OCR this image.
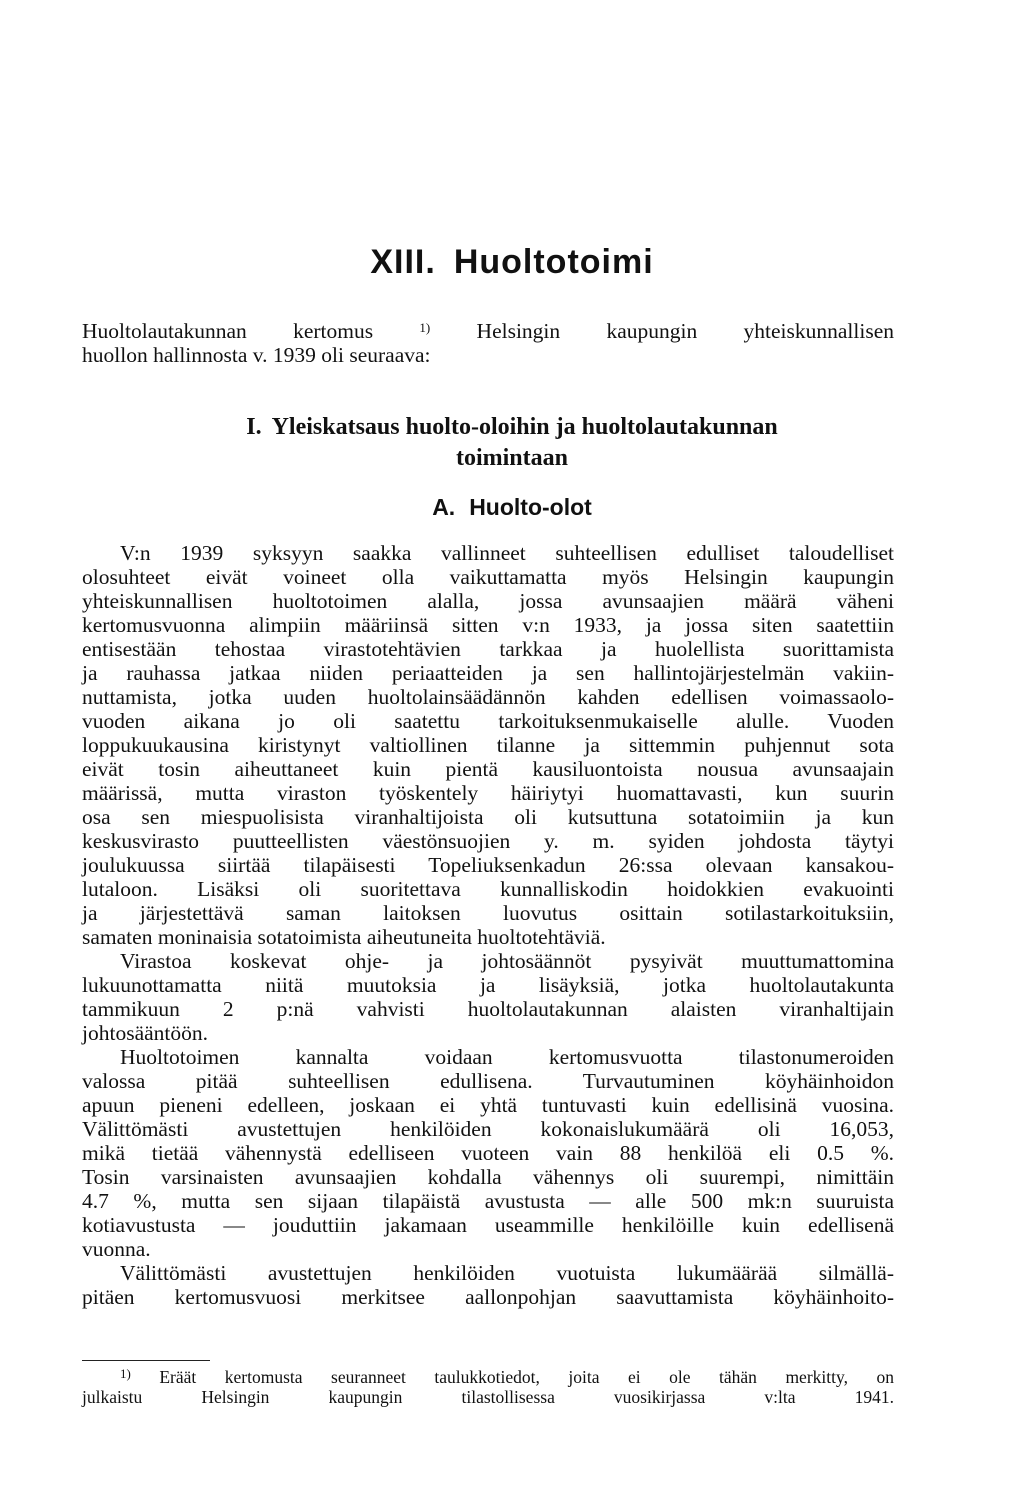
XIII. Huoltotoimi
Huoltolautakunnan kertomus $^{1)}$ Helsingin kaupungin yhteiskunnallisen
huollon hallinnosta v. 1939 oli seuraava:
I. Yleiskatsaus huolto-oloihin ja huoltolautakunnan
toimintaan
A. Huolto-olot
V:n 1939 syksyyn saakka vallinneet suhteellisen edulliset taloudelliset
olosuhteet eivät voineet olla vaikuttamatta myös Helsingin kaupungin
yhteiskunnallisen huoltotoimen alalla, jossa avunsaajien määrä väheni
kertomusvuonna alimpiin määriinsä sitten v:n 1933, ja jossa siten saatettiin
entisestään tehostaa virastotehtävien tarkkaa ja huolellista suorittamista
ja rauhassa jatkaa niiden periaatteiden ja sen hallintojärjestelmän vakiin-
nuttamista, jotka uuden huoltolainsäädännön kahden edellisen voimassaolo-
vuoden aikana jo oli saatettu tarkoituksenmukaiselle alulle. Vuoden
loppukuukausina kiristynyt valtiollinen tilanne ja sittemmin puhjennut sota
eivät tosin aiheuttaneet kuin pientä kausiluontoista nousua avunsaajain
määrissä, mutta viraston työskentely häiriytyi huomattavasti, kun suurin
osa sen miespuolisista viranhaltijoista oli kutsuttuna sotatoimiin ja kun
keskusvirasto puutteellisten väestönsuojien y. m. syiden johdosta täytyi
joulukuussa siirtää tilapäisesti Topeliuksenkadun 26:ssa olevaan kansakou-
lutaloon. Lisäksi oli suoritettava kunnalliskodin hoidokkien evakuointi
ja järjestettävä saman laitoksen luovutus osittain sotilastarkoituksiin,
samaten moninaisia sotatoimista aiheutuneita huoltotehtäviä.
Virastoa koskevat ohje- ja johtosäännöt pysyivät muuttumattomina
lukuunottamatta niitä muutoksia ja lisäyksiä, jotka huoltolautakunta
tammikuun 2 p:nä vahvisti huoltolautakunnan alaisten viranhaltijain
johtosääntöön.
Huoltotoimen kannalta voidaan kertomusvuotta tilastonumeroiden
valossa pitää suhteellisen edullisena. Turvautuminen köyhäinhoidon
apuun pieneni edelleen, joskaan ei yhtä tuntuvasti kuin edellisinä vuosina.
Välittömästi avustettujen henkilöiden kokonaislukumäärä oli 16,053,
mikä tietää vähennystä edelliseen vuoteen vain 88 henkilöä eli 0.5 %.
Tosin varsinaisten avunsaajien kohdalla vähennys oli suurempi, nimittäin
4.7 %, mutta sen sijaan tilapäistä avustusta — alle 500 mk:n suuruista
kotiavustusta — jouduttiin jakamaan useammille henkilöille kuin edellisenä
vuonna.
Välittömästi avustettujen henkilöiden vuotuista lukumäärää silmällä-
pitäen kertomusvuosi merkitsee aallonpohjan saavuttamista köyhäinhoito-
$^{1)}$ Eräät kertomusta seuranneet taulukkotiedot, joita ei ole tähän merkitty, on
julkaistu Helsingin kaupungin tilastollisessa vuosikirjassa v:lta 1941.
